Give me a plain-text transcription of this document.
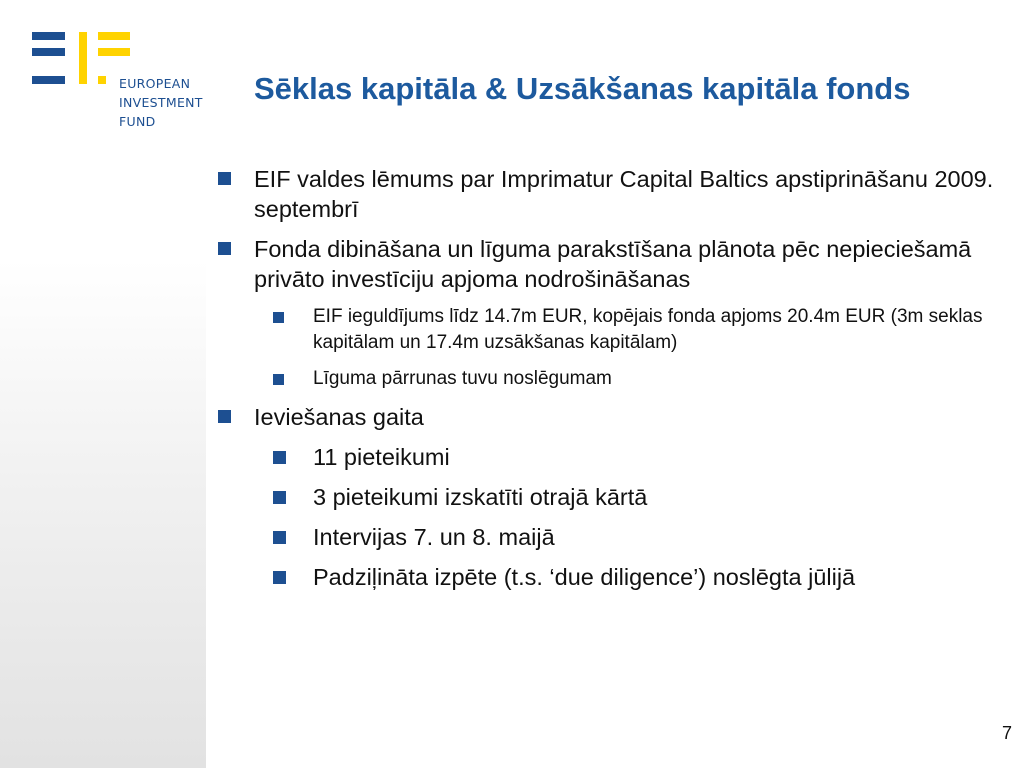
EUROPEAN
INVESTMENT
FUND
Sēklas kapitāla & Uzsākšanas kapitāla fonds
EIF valdes lēmums par Imprimatur Capital Baltics apstiprināšanu 2009. septembrī
Fonda dibināšana un līguma parakstīšana plānota pēc nepieciešamā privāto investīciju apjoma nodrošināšanas
EIF ieguldījums līdz 14.7m EUR, kopējais fonda apjoms 20.4m EUR (3m seklas kapitālam un 17.4m uzsākšanas kapitālam)
Līguma pārrunas tuvu noslēgumam
Ieviešanas gaita
11 pieteikumi
3 pieteikumi izskatīti otrajā kārtā
Intervijas 7. un 8. maijā
Padziļināta izpēte (t.s. ‘due diligence’) noslēgta jūlijā
7
